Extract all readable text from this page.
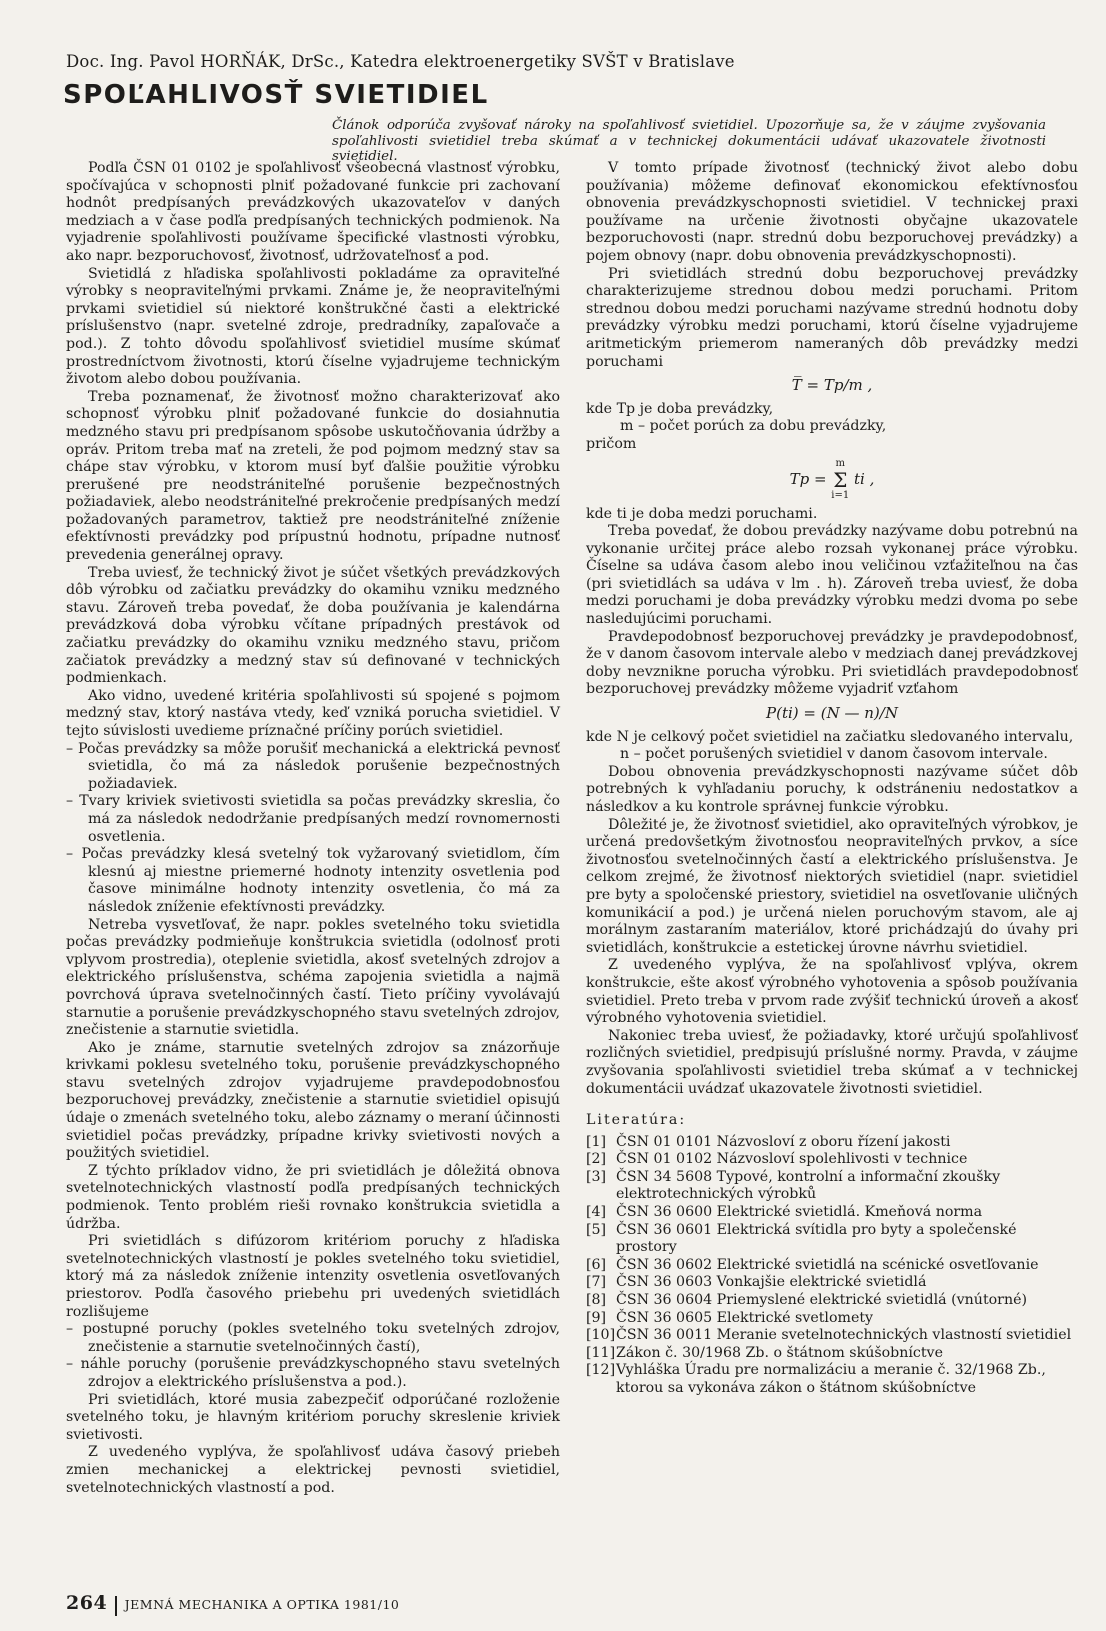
Doc. Ing. Pavol HORŇÁK, DrSc., Katedra elektroenergetiky SVŠT v Bratislave
SPOĽAHLIVOSŤ SVIETIDIEL
Článok odporúča zvyšovať nároky na spoľahlivosť svietidiel. Upozorňuje sa, že v záujme zvyšovania spoľahlivosti svietidiel treba skúmať a v technickej dokumentácii udávať ukazovatele životnosti svietidiel.

Podľa ČSN 01 0102 je spoľahlivosť všeobecná vlastnosť výrobku, spočívajúca v schopnosti plniť požadované funkcie pri zachovaní hodnôt predpísaných prevádzkových ukazovateľov v daných medziach a v čase podľa predpísaných technických podmienok. Na vyjadrenie spoľahlivosti používame špecifické vlastnosti výrobku, ako napr. bezporuchovosť, životnosť, udržovateľnosť a pod.

Svietidlá z hľadiska spoľahlivosti pokladáme za opraviteľné výrobky s neopraviteľnými prvkami. Známe je, že neopraviteľnými prvkami svietidiel sú niektoré konštrukčné časti a elektrické príslušenstvo (napr. svetelné zdroje, predradníky, zapaľovače a pod.). Z tohto dôvodu spoľahlivosť svietidiel musíme skúmať prostredníctvom životnosti, ktorú číselne vyjadrujeme technickým životom alebo dobou používania.

Treba poznamenať, že životnosť možno charakterizovať ako schopnosť výrobku plniť požadované funkcie do dosiahnutia medzného stavu pri predpísanom spôsobe uskutočňovania údržby a opráv. Pritom treba mať na zreteli, že pod pojmom medzný stav sa chápe stav výrobku, v ktorom musí byť ďalšie použitie výrobku prerušené pre neodstrániteľné porušenie bezpečnostných požiadaviek, alebo neodstrániteľné prekročenie predpísaných medzí požadovaných parametrov, taktiež pre neodstrániteľné zníženie efektívnosti prevádzky pod prípustnú hodnotu, prípadne nutnosť prevedenia generálnej opravy.

Treba uviesť, že technický život je súčet všetkých prevádzkových dôb výrobku od začiatku prevádzky do okamihu vzniku medzného stavu. Zároveň treba povedať, že doba používania je kalendárna prevádzková doba výrobku včítane prípadných prestávok od začiatku prevádzky do okamihu vzniku medzného stavu, pričom začiatok prevádzky a medzný stav sú definované v technických podmienkach.

Ako vidno, uvedené kritéria spoľahlivosti sú spojené s pojmom medzný stav, ktorý nastáva vtedy, keď vzniká porucha svietidiel. V tejto súvislosti uvedieme príznačné príčiny porúch svietidiel.

– Počas prevádzky sa môže porušiť mechanická a elektrická pevnosť svietidla, čo má za následok porušenie bezpečnostných požiadaviek.
– Tvary kriviek svietivosti svietidla sa počas prevádzky skreslia, čo má za následok nedodržanie predpísaných medzí rovnomernosti osvetlenia.
– Počas prevádzky klesá svetelný tok vyžarovaný svietidlom, čím klesnú aj miestne priemerné hodnoty intenzity osvetlenia pod časove minimálne hodnoty intenzity osvetlenia, čo má za následok zníženie efektívnosti prevádzky.

Netreba vysvetľovať, že napr. pokles svetelného toku svietidla počas prevádzky podmieňuje konštrukcia svietidla (odolnosť proti vplyvom prostredia), oteplenie svietidla, akosť svetelných zdrojov a elektrického príslušenstva, schéma zapojenia svietidla a najmä povrchová úprava svetelnočinných častí. Tieto príčiny vyvolávajú starnutie a porušenie prevádzkyschopného stavu svetelných zdrojov, znečistenie a starnutie svietidla.

Ako je známe, starnutie svetelných zdrojov sa znázorňuje krivkami poklesu svetelného toku, porušenie prevádzkyschopného stavu svetelných zdrojov vyjadrujeme pravdepodobnosťou bezporuchovej prevádzky, znečistenie a starnutie svietidiel opisujú údaje o zmenách svetelného toku, alebo záznamy o meraní účinnosti svietidiel počas prevádzky, prípadne krivky svietivosti nových a použitých svietidiel.

Z týchto príkladov vidno, že pri svietidlách je dôležitá obnova svetelnotechnických vlastností podľa predpísaných technických podmienok. Tento problém rieši rovnako konštrukcia svietidla a údržba.

Pri svietidlách s difúzorom kritériom poruchy z hľadiska svetelnotechnických vlastností je pokles svetelného toku svietidiel, ktorý má za následok zníženie intenzity osvetlenia osvetľovaných priestorov. Podľa časového priebehu pri uvedených svietidlách rozlišujeme

– postupné poruchy (pokles svetelného toku svetelných zdrojov, znečistenie a starnutie svetelnočinných častí),
– náhle poruchy (porušenie prevádzkyschopného stavu svetelných zdrojov a elektrického príslušenstva a pod.).

Pri svietidlách, ktoré musia zabezpečiť odporúčané rozloženie svetelného toku, je hlavným kritériom poruchy skreslenie kriviek svietivosti.

Z uvedeného vyplýva, že spoľahlivosť udáva časový priebeh zmien mechanickej a elektrickej pevnosti svietidiel, svetelnotechnických vlastností a pod.

V tomto prípade životnosť (technický život alebo dobu používania) môžeme definovať ekonomickou efektívnosťou obnovenia prevádzkyschopnosti svietidiel. V technickej praxi používame na určenie životnosti obyčajne ukazovatele bezporuchovosti (napr. strednú dobu bezporuchovej prevádzky) a pojem obnovy (napr. dobu obnovenia prevádzkyschopnosti).

Pri svietidlách strednú dobu bezporuchovej prevádzky charakterizujeme strednou dobou medzi poruchami. Pritom strednou dobou medzi poruchami nazývame strednú hodnotu doby prevádzky výrobku medzi poruchami, ktorú číselne vyjadrujeme aritmetickým priemerom nameraných dôb prevádzky medzi poruchami

T̅ = Tp/m ,
kde Tp je doba prevádzky,
m – počet porúch za dobu prevádzky,

pričom

Tp =
m
Σ
i=1
ti ,

kde ti je doba medzi poruchami.

Treba povedať, že dobou prevádzky nazývame dobu potrebnú na vykonanie určitej práce alebo rozsah vykonanej práce výrobku. Číselne sa udáva časom alebo inou veličinou vzťažiteľnou na čas (pri svietidlách sa udáva v lm . h). Zároveň treba uviesť, že doba medzi poruchami je doba prevádzky výrobku medzi dvoma po sebe nasledujúcimi poruchami.

Pravdepodobnosť bezporuchovej prevádzky je pravdepodobnosť, že v danom časovom intervale alebo v medziach danej prevádzkovej doby nevznikne porucha výrobku. Pri svietidlách pravdepodobnosť bezporuchovej prevádzky môžeme vyjadriť vzťahom

P(ti) = (N — n)/N
kde N je celkový počet svietidiel na začiatku sledovaného intervalu,
n – počet porušených svietidiel v danom časovom intervale.

Dobou obnovenia prevádzkyschopnosti nazývame súčet dôb potrebných k vyhľadaniu poruchy, k odstráneniu nedostatkov a následkov a ku kontrole správnej funkcie výrobku.

Dôležité je, že životnosť svietidiel, ako opraviteľných výrobkov, je určená predovšetkým životnosťou neopraviteľných prvkov, a síce životnosťou svetelnočinných častí a elektrického príslušenstva. Je celkom zrejmé, že životnosť niektorých svietidiel (napr. svietidiel pre byty a spoločenské priestory, svietidiel na osvetľovanie uličných komunikácií a pod.) je určená nielen poruchovým stavom, ale aj morálnym zastaraním materiálov, ktoré prichádzajú do úvahy pri svietidlách, konštrukcie a estetickej úrovne návrhu svietidiel.

Z uvedeného vyplýva, že na spoľahlivosť vplýva, okrem konštrukcie, ešte akosť výrobného vyhotovenia a spôsob používania svietidiel. Preto treba v prvom rade zvýšiť technickú úroveň a akosť výrobného vyhotovenia svietidiel.

Nakoniec treba uviesť, že požiadavky, ktoré určujú spoľahlivosť rozličných svietidiel, predpisujú príslušné normy. Pravda, v záujme zvyšovania spoľahlivosti svietidiel treba skúmať a v technickej dokumentácii uvádzať ukazovatele životnosti svietidiel.

Literatúra:
[1] ČSN 01 0101 Názvosloví z oboru řízení jakosti
[2] ČSN 01 0102 Názvosloví spolehlivosti v technice
[3] ČSN 34 5608 Typové, kontrolní a informační zkoušky elektrotechnických výrobků
[4] ČSN 36 0600 Elektrické svietidlá. Kmeňová norma
[5] ČSN 36 0601 Elektrická svítidla pro byty a společenské prostory
[6] ČSN 36 0602 Elektrické svietidlá na scénické osvetľovanie
[7] ČSN 36 0603 Vonkajšie elektrické svietidlá
[8] ČSN 36 0604 Priemyslené elektrické svietidlá (vnútorné)
[9] ČSN 36 0605 Elektrické svetlomety
[10] ČSN 36 0011 Meranie svetelnotechnických vlastností svietidiel
[11] Zákon č. 30/1968 Zb. o štátnom skúšobníctve
[12] Vyhláška Úradu pre normalizáciu a meranie č. 32/1968 Zb., ktorou sa vykonáva zákon o štátnom skúšobníctve
264 JEMNÁ MECHANIKA A OPTIKA 1981/10
